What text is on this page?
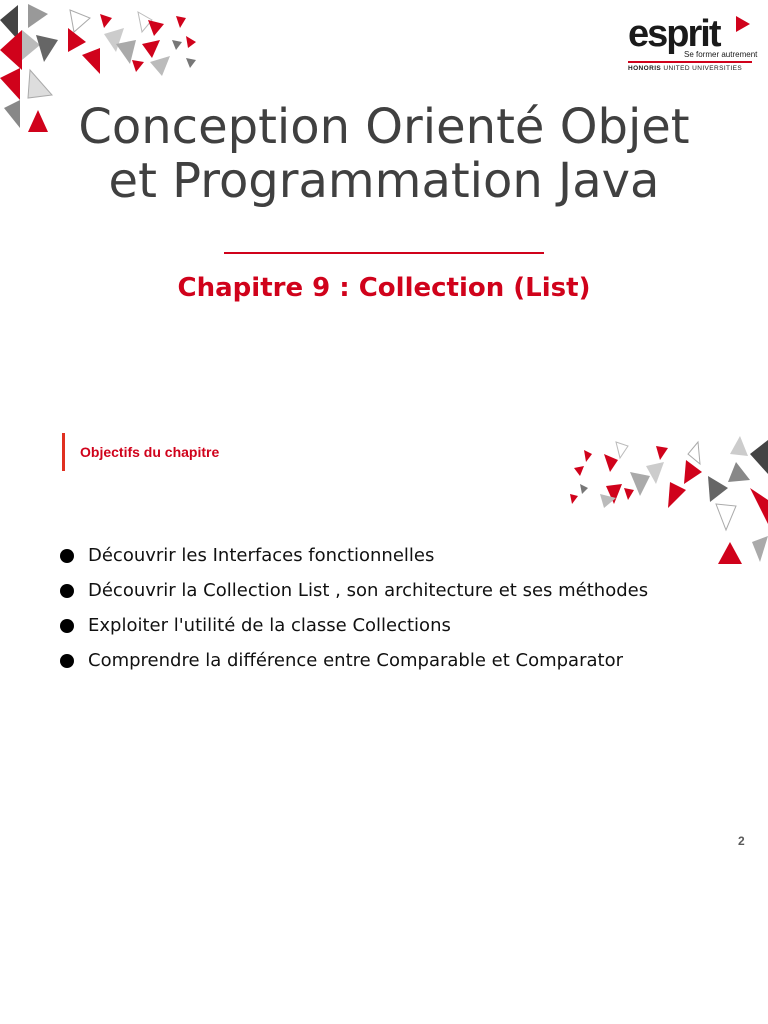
esprit
Se former autrement
HONORIS UNITED UNIVERSITIES
Conception Orienté Objet et Programmation Java
Chapitre 9 : Collection (List)
Objectifs du chapitre
Découvrir les Interfaces fonctionnelles
Découvrir la Collection List , son architecture et ses méthodes
Exploiter l'utilité de la classe Collections
Comprendre la différence entre Comparable et Comparator
2
